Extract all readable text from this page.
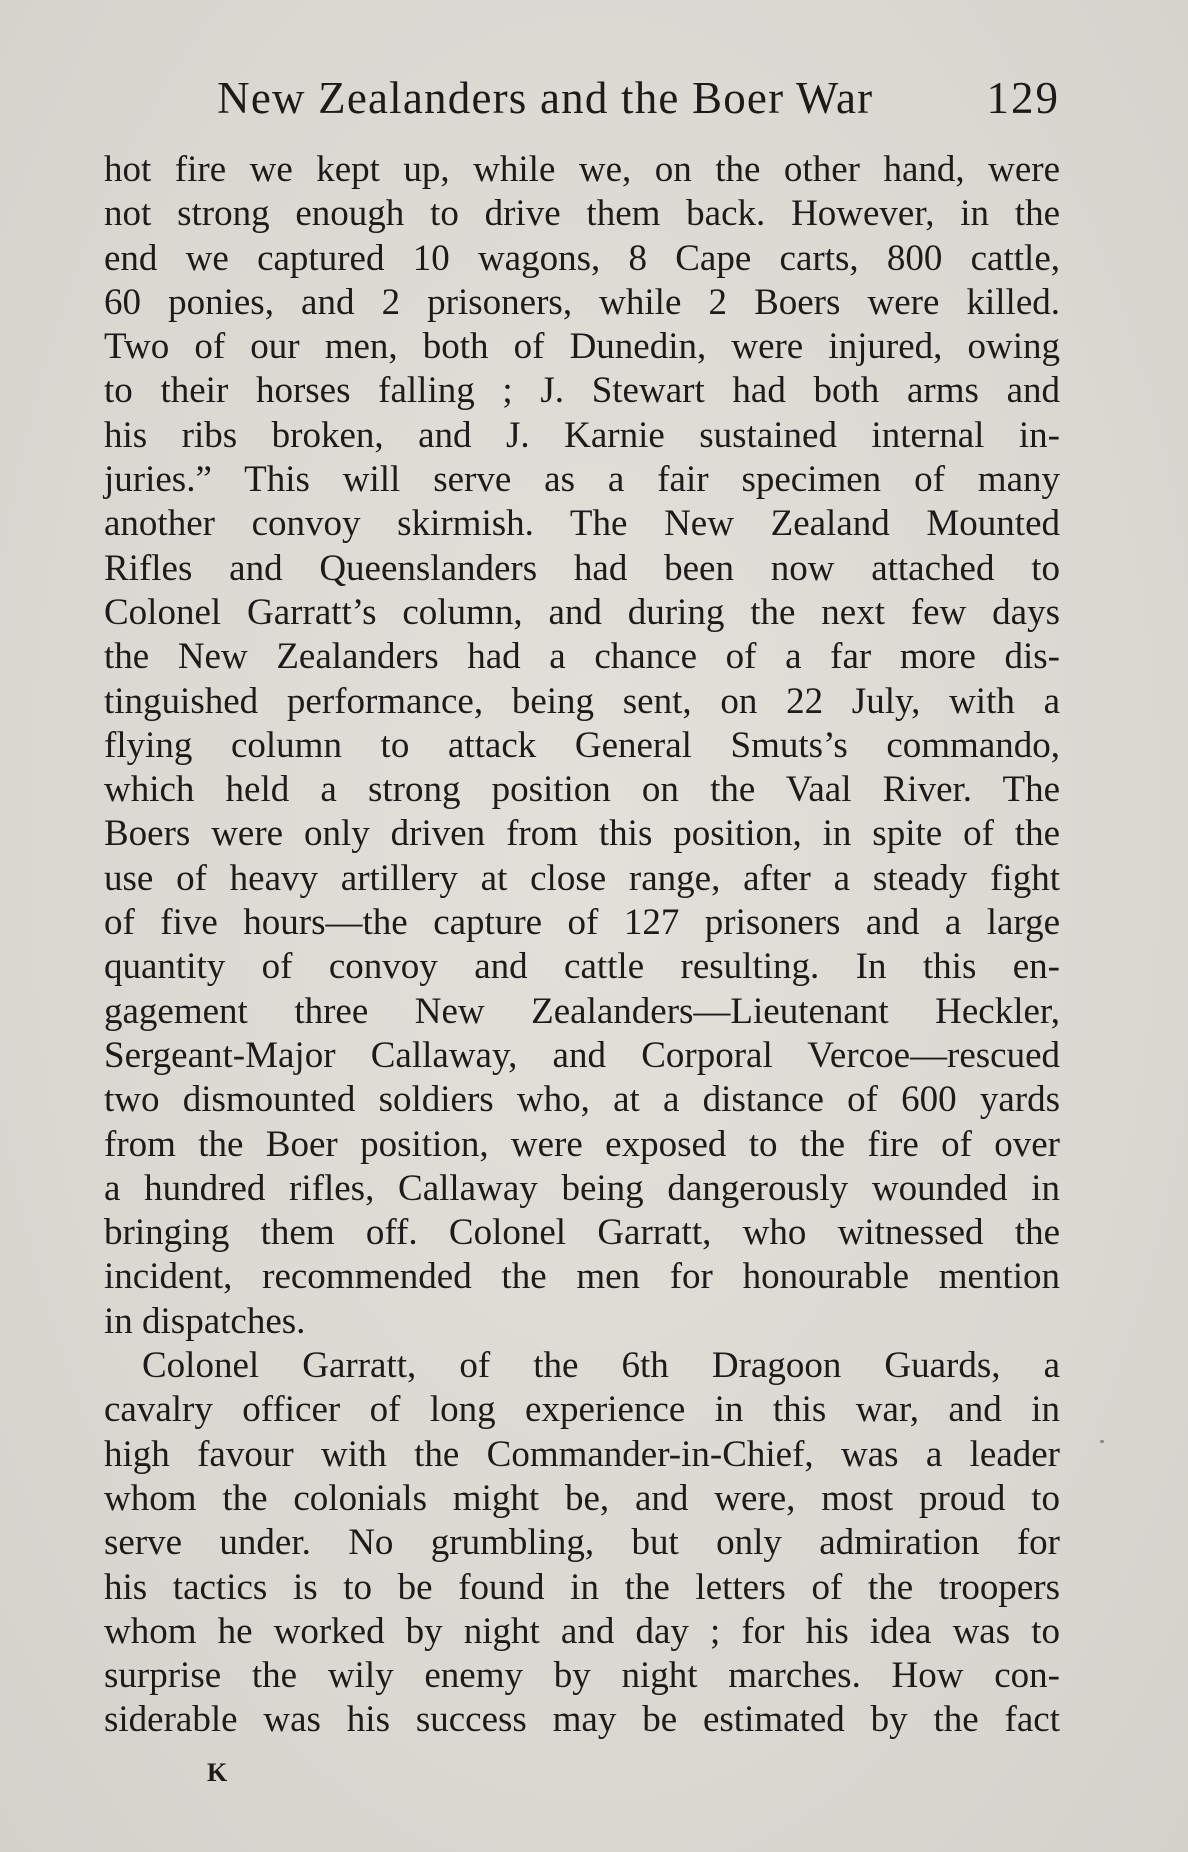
New Zealanders and the Boer War	129
hot fire we kept up, while we, on the other hand, were
not strong enough to drive them back. However, in the
end we captured 10 wagons, 8 Cape carts, 800 cattle,
60 ponies, and 2 prisoners, while 2 Boers were killed.
Two of our men, both of Dunedin, were injured, owing
to their horses falling ; J. Stewart had both arms and
his ribs broken, and J. Karnie sustained internal in-
juries.” This will serve as a fair specimen of many
another convoy skirmish. The New Zealand Mounted
Rifles and Queenslanders had been now attached to
Colonel Garratt’s column, and during the next few days
the New Zealanders had a chance of a far more dis-
tinguished performance, being sent, on 22 July, with a
flying column to attack General Smuts’s commando,
which held a strong position on the Vaal River. The
Boers were only driven from this position, in spite of the
use of heavy artillery at close range, after a steady fight
of five hours—the capture of 127 prisoners and a large
quantity of convoy and cattle resulting. In this en-
gagement three New Zealanders—Lieutenant Heckler,
Sergeant-Major Callaway, and Corporal Vercoe—rescued
two dismounted soldiers who, at a distance of 600 yards
from the Boer position, were exposed to the fire of over
a hundred rifles, Callaway being dangerously wounded in
bringing them off. Colonel Garratt, who witnessed the
incident, recommended the men for honourable mention
in dispatches.
Colonel Garratt, of the 6th Dragoon Guards, a
cavalry officer of long experience in this war, and in
high favour with the Commander-in-Chief, was a leader
whom the colonials might be, and were, most proud to
serve under. No grumbling, but only admiration for
his tactics is to be found in the letters of the troopers
whom he worked by night and day ; for his idea was to
surprise the wily enemy by night marches. How con-
siderable was his success may be estimated by the fact
K
